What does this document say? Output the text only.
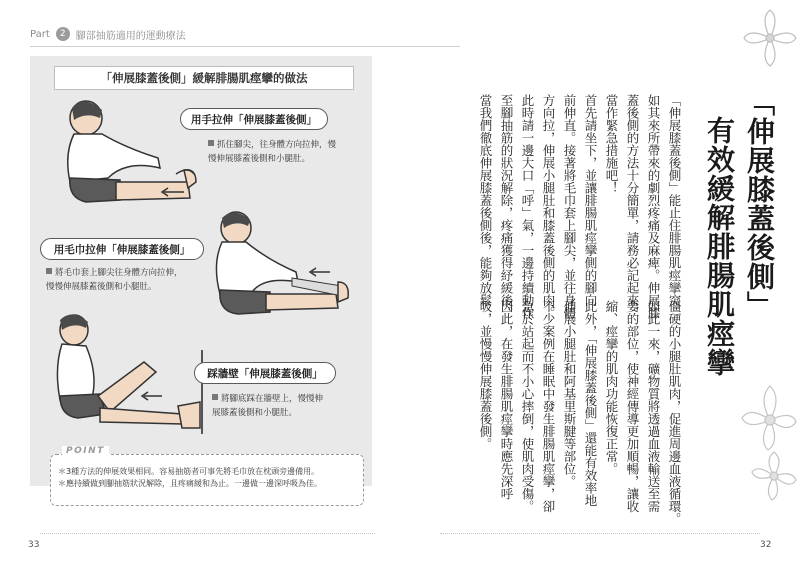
Part	2	腳部抽筋適用的運動療法
「伸展膝蓋後側」緩解腓腸肌痙攣的做法
用手拉伸「伸展膝蓋後側」
抓住腳尖，往身體方向拉伸，慢
慢伸展膝蓋後側和小腿肚。
用毛巾拉伸「伸展膝蓋後側」
將毛巾套上腳尖往身體方向拉伸，
慢慢伸展膝蓋後側和小腿肚。
踩牆壁「伸展膝蓋後側」
將腳底踩在牆壁上，慢慢伸
展膝蓋後側和小腿肚。
POINT
＊3種方法的伸展效果相同。容易抽筋者可事先將毛巾放在枕頭旁邊備用。
＊應持續做到腳抽筋狀況解除，且疼痛緩和為止。一邊做一邊深呼吸為佳。
33	32
「伸展膝蓋後側」
有效緩解腓腸肌痙攣
「伸展膝蓋後側」能止住腓腸肌痙攣突
如其來所帶來的劇烈疼痛及麻痺。伸展膝
蓋後側的方法十分簡單，請務必記起來，
當作緊急措施吧！
首先請坐下，並讓腓腸肌痙攣側的腳向
前伸直。接著將毛巾套上腳尖，並往身體
方向拉，伸展小腿肚和膝蓋後側的肌肉。
此時請一邊大口「呼」氣，一邊持續動作
至腳抽筋的狀況解除，疼痛獲得紓緩後。
當我們徹底伸展膝蓋後側後，能夠放鬆
僵硬的小腿肚肌肉，促進周邊血液循環。
如此一來，礦物質將透過血液輸送至需
要的部位，使神經傳導更加順暢，讓收
縮、痙攣的肌肉功能恢復正常。
此外，「伸展膝蓋後側」還能有效率地
伸展小腿肚和阿基里斯腱等部位。
不少案例在睡眠中發生腓腸肌痙攣，卻
急於站起而不小心摔倒，使肌肉受傷。
因此，在發生腓腸肌痙攣時應先深呼
吸，並慢慢伸展膝蓋後側。
